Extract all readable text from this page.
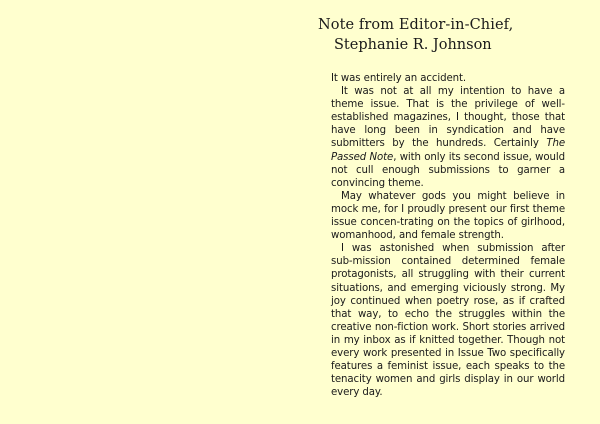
Note from Editor-in-Chief,
Stephanie R. Johnson

It was entirely an accident.

It was not at all my intention to have a theme issue. That is the privilege of well-established magazines, I thought, those that have long been in syndication and have submitters by the hundreds. Certainly The Passed Note, with only its second issue, would not cull enough submissions to garner a convincing theme.

May whatever gods you might believe in mock me, for I proudly present our first theme issue concen-trating on the topics of girlhood, womanhood, and female strength.

I was astonished when submission after sub-mission contained determined female protagonists, all struggling with their current situations, and emerging viciously strong. My joy continued when poetry rose, as if crafted that way, to echo the struggles within the creative non-fiction work. Short stories arrived in my inbox as if knitted together. Though not every work presented in Issue Two specifically features a feminist issue, each speaks to the tenacity women and girls display in our world every day.
